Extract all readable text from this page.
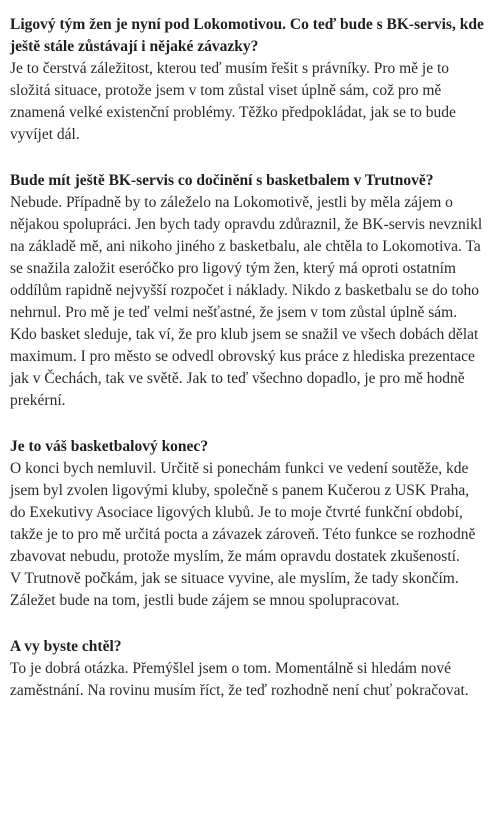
Ligový tým žen je nyní pod Lokomotivou. Co teď bude s BK-servis, kde ještě stále zůstávají i nějaké závazky?

Je to čerstvá záležitost, kterou teď musím řešit s právníky. Pro mě je to složitá situace, protože jsem v tom zůstal viset úplně sám, což pro mě znamená velké existenční problémy. Těžko předpokládat, jak se to bude vyvíjet dál.

Bude mít ještě BK-servis co dočinění s basketbalem v Trutnově?

Nebude. Případně by to záleželo na Lokomotivě, jestli by měla zájem o nějakou spolupráci. Jen bych tady opravdu zdůraznil, že BK-servis nevznikl na základě mě, ani nikoho jiného z basketbalu, ale chtěla to Lokomotiva. Ta se snažila založit eseróčko pro ligový tým žen, který má oproti ostatním oddílům rapidně nejvyšší rozpočet i náklady. Nikdo z basketbalu se do toho nehrnul. Pro mě je teď velmi nešťastné, že jsem v tom zůstal úplně sám. Kdo basket sleduje, tak ví, že pro klub jsem se snažil ve všech dobách dělat maximum. I pro město se odvedl obrovský kus práce z hlediska prezentace jak v Čechách, tak ve světě. Jak to teď všechno dopadlo, je pro mě hodně prekérní.

Je to váš basketbalový konec?

O konci bych nemluvil. Určitě si ponechám funkci ve vedení soutěže, kde jsem byl zvolen ligovými kluby, společně s panem Kučerou z USK Praha, do Exekutivy Asociace ligových klubů. Je to moje čtvrté funkční období, takže je to pro mě určitá pocta a závazek zároveň. Této funkce se rozhodně zbavovat nebudu, protože myslím, že mám opravdu dostatek zkušeností.

V Trutnově počkám, jak se situace vyvine, ale myslím, že tady skončím. Záležet bude na tom, jestli bude zájem se mnou spolupracovat.

A vy byste chtěl?

To je dobrá otázka. Přemýšlel jsem o tom. Momentálně si hledám nové zaměstnání. Na rovinu musím říct, že teď rozhodně není chuť pokračovat.
